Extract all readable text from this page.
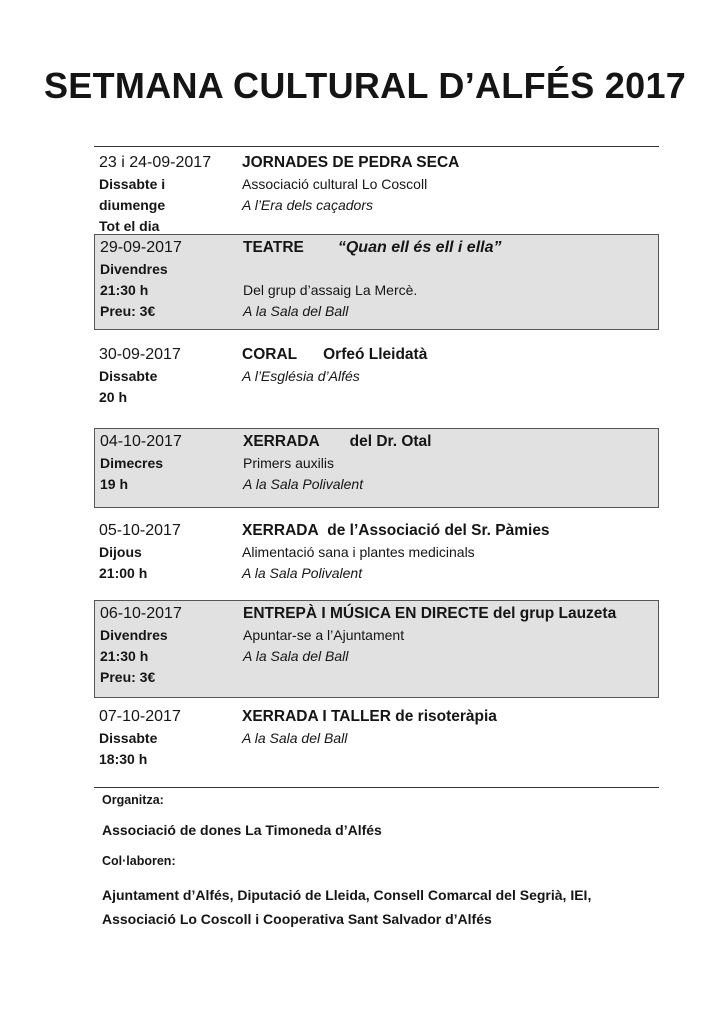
SETMANA CULTURAL D’ALFÉS 2017
23 i 24-09-2017
Dissabte i
diumenge
Tot el dia
JORNADES DE PEDRA SECA
Associació cultural Lo Coscoll
A l’Era dels caçadors
29-09-2017
Divendres
21:30 h
Preu: 3€
TEATRE “Quan ell és ell i ella”
Del grup d’assaig La Mercè.
A la Sala del Ball
30-09-2017
Dissabte
20 h
CORAL Orfeó Lleidatà
A l’Església d’Alfés
04-10-2017
Dimecres
19 h
XERRADA del Dr. Otal
Primers auxilis
A la Sala Polivalent
05-10-2017
Dijous
21:00 h
XERRADA de l’Associació del Sr. Pàmies
Alimentació sana i plantes medicinals
A la Sala Polivalent
06-10-2017
Divendres
21:30 h
Preu: 3€
ENTREPÀ I MÚSICA EN DIRECTE del grup Lauzeta
Apuntar-se a l’Ajuntament
A la Sala del Ball
07-10-2017
Dissabte
18:30 h
XERRADA I TALLER de risoteràpia
A la Sala del Ball
Organitza:
Associació de dones La Timoneda d’Alfés
Col·laboren:
Ajuntament d’Alfés, Diputació de Lleida, Consell Comarcal del Segrià, IEI,
Associació Lo Coscoll i Cooperativa Sant Salvador d’Alfés
